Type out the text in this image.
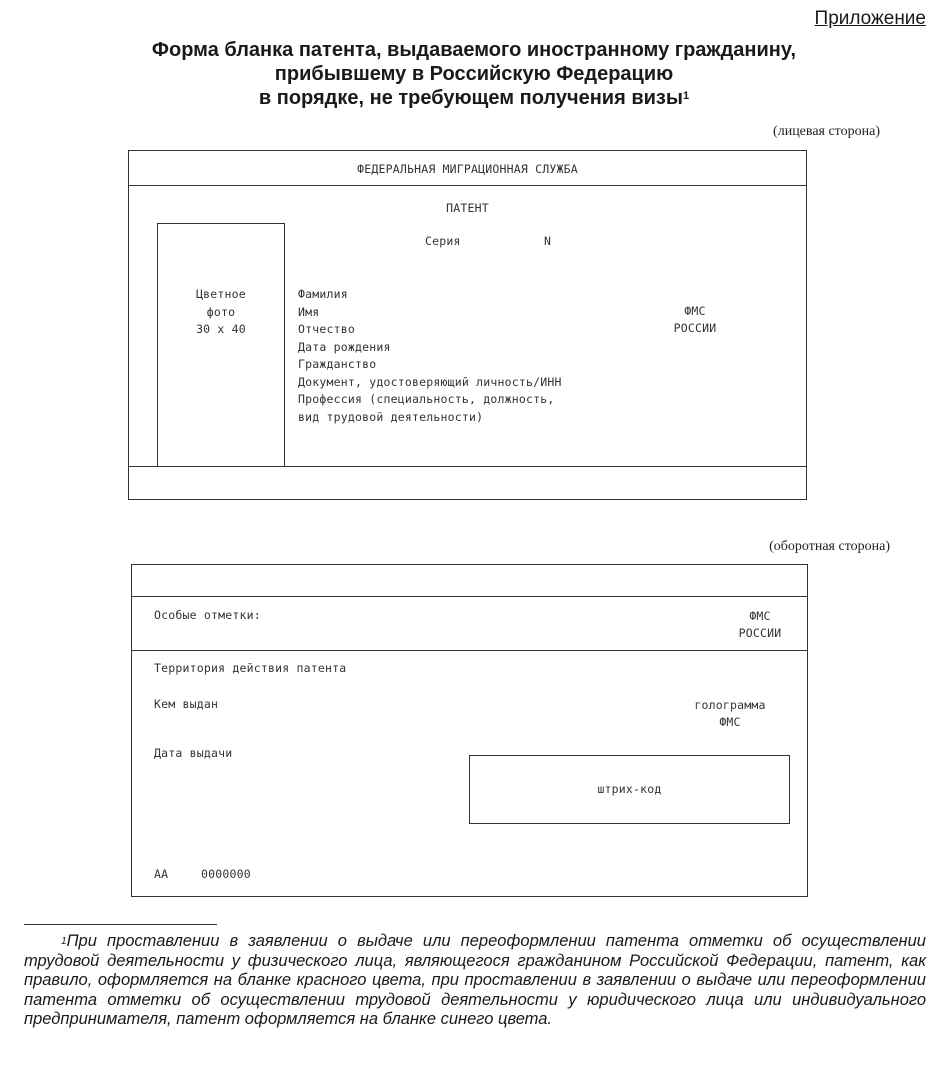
Приложение
Форма бланка патента, выдаваемого иностранному гражданину,
прибывшему в Российскую Федерацию
в порядке, не требующем получения визы$^1$
(лицевая сторона)
ФЕДЕРАЛЬНАЯ МИГРАЦИОННАЯ СЛУЖБА
ПАТЕНТ
Серия	N
Цветное
фото
30 x 40
Фамилия
Имя
Отчество
Дата рождения
Гражданство
Документ, удостоверяющий личность/ИНН
Профессия (специальность, должность,
вид трудовой деятельности)
ФМС
РОССИИ
(оборотная сторона)
Особые отметки:	ФМС
РОССИИ
Территория действия патента
Кем выдан	голограмма
ФМС
Дата выдачи
штрих-код
АА	0000000
$^1$При проставлении в заявлении о выдаче или переоформлении патента отметки об осуществлении трудовой деятельности у физического лица, являющегося гражданином Российской Федерации, патент, как правило, оформляется на бланке красного цвета, при проставлении в заявлении о выдаче или переоформлении патента отметки об осуществлении трудовой деятельности у юридического лица или индивидуального предпринимателя, патент оформляется на бланке синего цвета.
